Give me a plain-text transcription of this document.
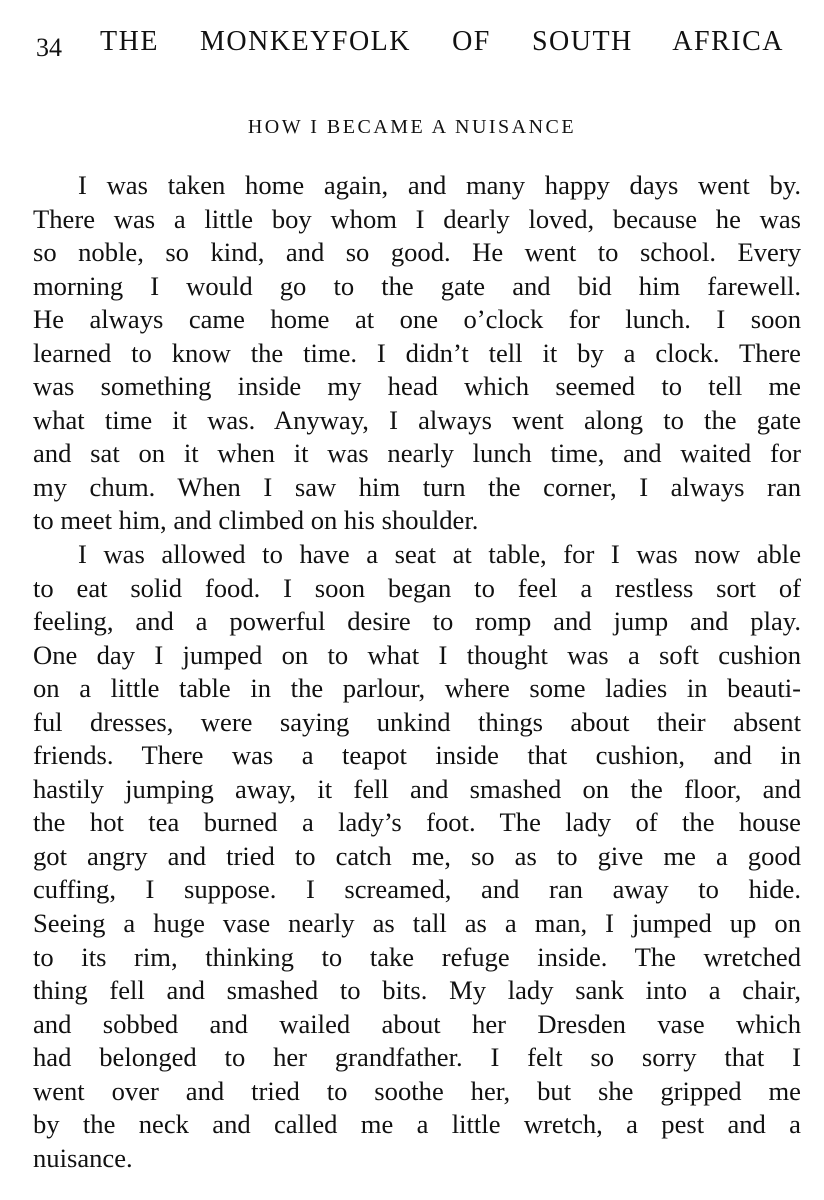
34 THE MONKEYFOLK OF SOUTH AFRICA
HOW I BECAME A NUISANCE
I was taken home again, and many happy days went by.
There was a little boy whom I dearly loved, because he was
so noble, so kind, and so good. He went to school. Every
morning I would go to the gate and bid him farewell.
He always came home at one o’clock for lunch. I soon
learned to know the time. I didn’t tell it by a clock. There
was something inside my head which seemed to tell me
what time it was. Anyway, I always went along to the gate
and sat on it when it was nearly lunch time, and waited for
my chum. When I saw him turn the corner, I always ran
to meet him, and climbed on his shoulder.
I was allowed to have a seat at table, for I was now able
to eat solid food. I soon began to feel a restless sort of
feeling, and a powerful desire to romp and jump and play.
One day I jumped on to what I thought was a soft cushion
on a little table in the parlour, where some ladies in beauti-
ful dresses, were saying unkind things about their absent
friends. There was a teapot inside that cushion, and in
hastily jumping away, it fell and smashed on the floor, and
the hot tea burned a lady’s foot. The lady of the house
got angry and tried to catch me, so as to give me a good
cuffing, I suppose. I screamed, and ran away to hide.
Seeing a huge vase nearly as tall as a man, I jumped up on
to its rim, thinking to take refuge inside. The wretched
thing fell and smashed to bits. My lady sank into a chair,
and sobbed and wailed about her Dresden vase which
had belonged to her grandfather. I felt so sorry that I
went over and tried to soothe her, but she gripped me
by the neck and called me a little wretch, a pest and a
nuisance.
